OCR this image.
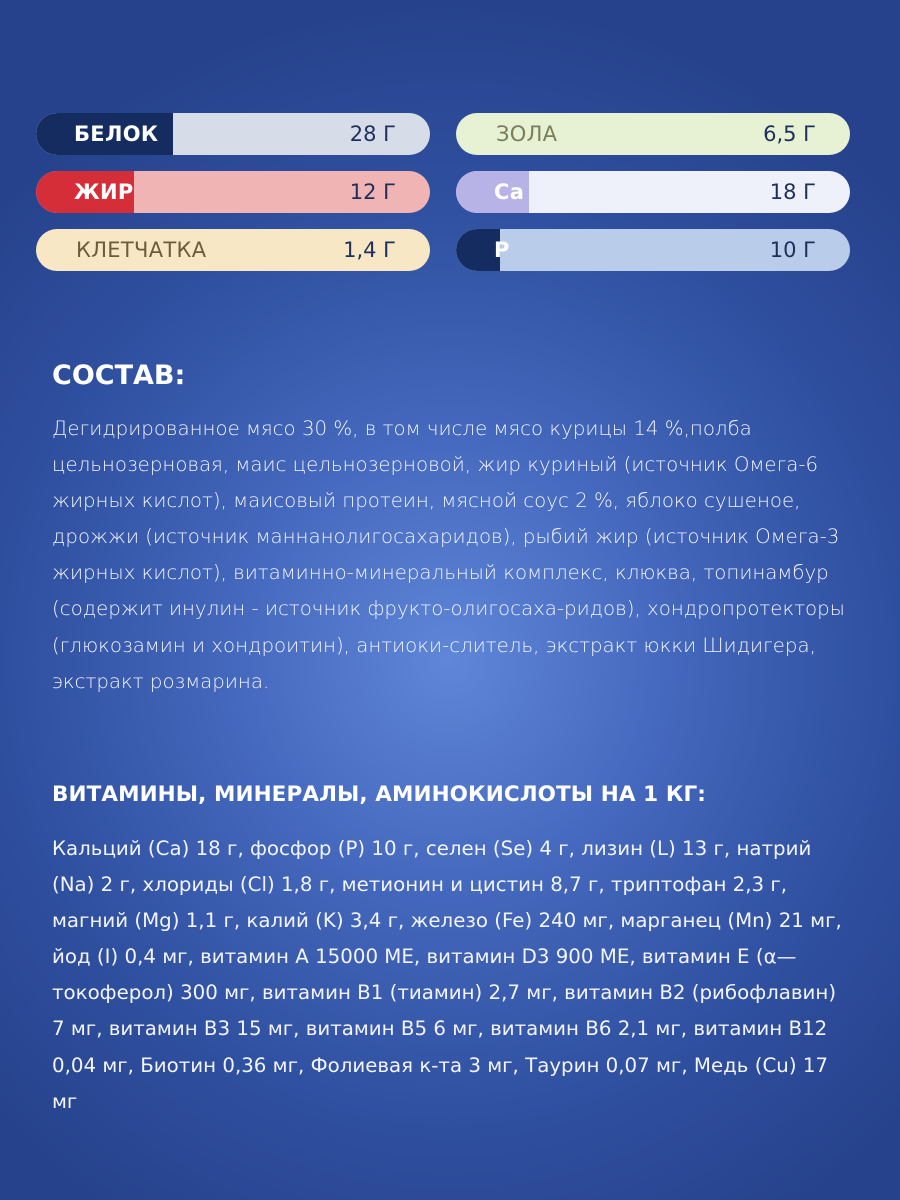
БЕЛОК	28 Г
ЖИР	12 Г
КЛЕТЧАТКА	1,4 Г
ЗОЛА	6,5 Г
Ca	18 Г
P	10 Г
СОСТАВ:
Дегидрированное мясо 30 %, в том числе мясо курицы 14 %,полба цельнозерновая, маис цельнозерновой, жир куриный (источник Омега-6 жирных кислот), маисовый протеин, мясной соус 2 %, яблоко сушеное, дрожжи (источник маннанолигосахаридов), рыбий жир (источник Омега-3 жирных кислот), витаминно-минеральный комплекс, клюква, топинамбур (содержит инулин - источник фрукто-олигосаха-ридов), хондропротекторы (глюкозамин и хондроитин), антиоки-слитель, экстракт юкки Шидигера, экстракт розмарина.
ВИТАМИНЫ, МИНЕРАЛЫ, АМИНОКИСЛОТЫ НА 1 КГ:
Кальций (Ca) 18 г, фосфор (P) 10 г, селен (Se) 4 г, лизин (L) 13 г, натрий (Na) 2 г, хлориды (Cl) 1,8 г, метионин и цистин 8,7 г, триптофан 2,3 г, магний (Mg) 1,1 г, калий (K) 3,4 г, железо (Fe) 240 мг, марганец (Mn) 21 мг, йод (I) 0,4 мг, витамин A 15000 МЕ, витамин D3 900 МЕ, витамин E (α—токоферол) 300 мг, витамин B1 (тиамин) 2,7 мг, витамин B2 (рибофлавин) 7 мг, витамин B3 15 мг, витамин B5 6 мг, витамин B6 2,1 мг, витамин B12 0,04 мг, Биотин 0,36 мг, Фолиевая к-та 3 мг, Таурин 0,07 мг, Медь (Cu) 17 мг
